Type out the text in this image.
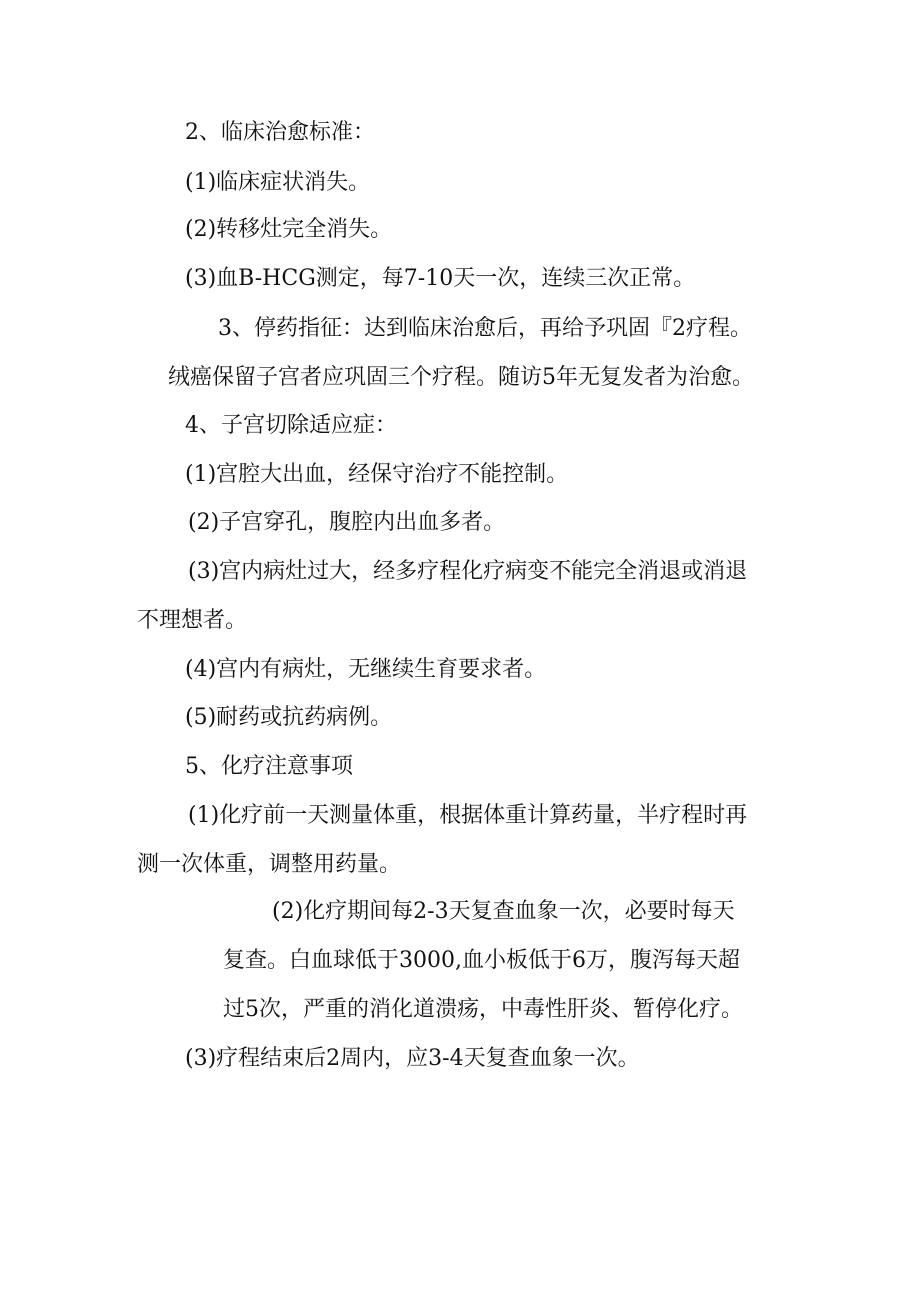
2、临床治愈标准：
(1)临床症状消失。
(2)转移灶完全消失。
(3)血B-HCG测定，每7-10天一次，连续三次正常。
3、停药指征：达到临床治愈后，再给予巩固『2疗程。
绒癌保留子宫者应巩固三个疗程。随访5年无复发者为治愈。
4、子宫切除适应症：
(1)宫腔大出血，经保守治疗不能控制。
(2)子宫穿孔，腹腔内出血多者。
(3)宫内病灶过大，经多疗程化疗病变不能完全消退或消退
不理想者。
(4)宫内有病灶，无继续生育要求者。
(5)耐药或抗药病例。
5、化疗注意事项
(1)化疗前一天测量体重，根据体重计算药量，半疗程时再
测一次体重，调整用药量。
(2)化疗期间每2-3天复查血象一次，必要时每天
复查。白血球低于3000,血小板低于6万，腹泻每天超
过5次，严重的消化道溃疡，中毒性肝炎、暂停化疗。
(3)疗程结束后2周内，应3-4天复查血象一次。
